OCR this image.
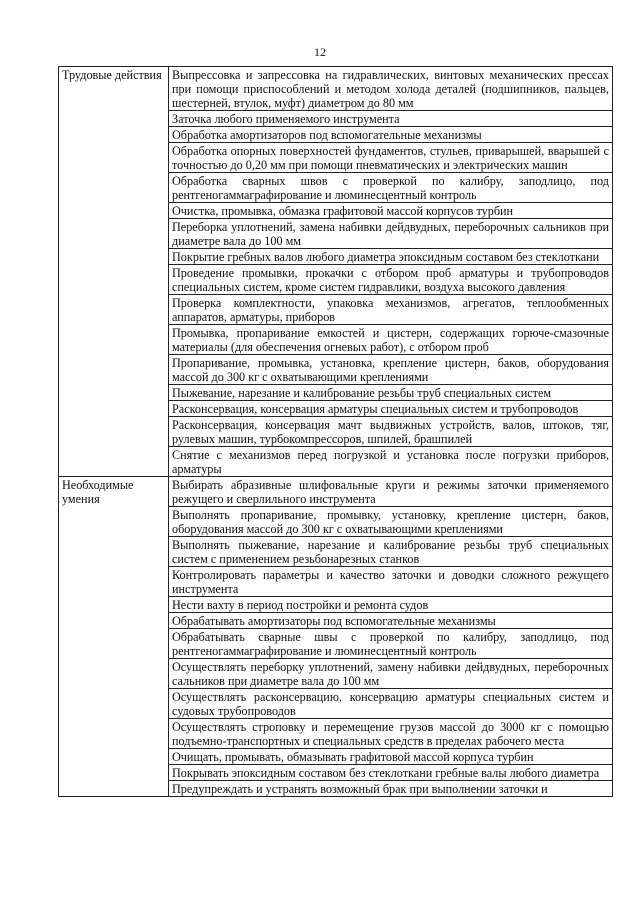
12
Трудовые действия	Выпрессовка и запрессовка на гидравлических, винтовых механических прессах при помощи приспособлений и методом холода деталей (подшипников, пальцев, шестерней, втулок, муфт) диаметром до 80 мм
	Заточка любого применяемого инструмента
	Обработка амортизаторов под вспомогательные механизмы
	Обработка опорных поверхностей фундаментов, стульев, приварышей, вварышей с точностью до 0,20 мм при помощи пневматических и электрических машин
	Обработка сварных швов с проверкой по калибру, заподлицо, под рентгеногаммаграфирование и люминесцентный контроль
	Очистка, промывка, обмазка графитовой массой корпусов турбин
	Переборка уплотнений, замена набивки дейдвудных, переборочных сальников при диаметре вала до 100 мм
	Покрытие гребных валов любого диаметра эпоксидным составом без стеклоткани
	Проведение промывки, прокачки с отбором проб арматуры и трубопроводов специальных систем, кроме систем гидравлики, воздуха высокого давления
	Проверка комплектности, упаковка механизмов, агрегатов, теплообменных аппаратов, арматуры, приборов
	Промывка, пропаривание емкостей и цистерн, содержащих горюче-смазочные материалы (для обеспечения огневых работ), с отбором проб
	Пропаривание, промывка, установка, крепление цистерн, баков, оборудования массой до 300 кг с охватывающими креплениями
	Пыжевание, нарезание и калибрование резьбы труб специальных систем
	Расконсервация, консервация арматуры специальных систем и трубопроводов
	Расконсервация, консервация мачт выдвижных устройств, валов, штоков, тяг, рулевых машин, турбокомпрессоров, шпилей, брашпилей
	Снятие с механизмов перед погрузкой и установка после погрузки приборов, арматуры
Необходимые умения	Выбирать абразивные шлифовальные круги и режимы заточки применяемого режущего и сверлильного инструмента
	Выполнять пропаривание, промывку, установку, крепление цистерн, баков, оборудования массой до 300 кг с охватывающими креплениями
	Выполнять пыжевание, нарезание и калибрование резьбы труб специальных систем с применением резьбонарезных станков
	Контролировать параметры и качество заточки и доводки сложного режущего инструмента
	Нести вахту в период постройки и ремонта судов
	Обрабатывать амортизаторы под вспомогательные механизмы
	Обрабатывать сварные швы с проверкой по калибру, заподлицо, под рентгеногаммаграфирование и люминесцентный контроль
	Осуществлять переборку уплотнений, замену набивки дейдвудных, переборочных сальников при диаметре вала до 100 мм
	Осуществлять расконсервацию, консервацию арматуры специальных систем и судовых трубопроводов
	Осуществлять строповку и перемещение грузов массой до 3000 кг с помощью подъемно-транспортных и специальных средств в пределах рабочего места
	Очищать, промывать, обмазывать графитовой массой корпуса турбин
	Покрывать эпоксидным составом без стеклоткани гребные валы любого диаметра
	Предупреждать и устранять возможный брак при выполнении заточки и
